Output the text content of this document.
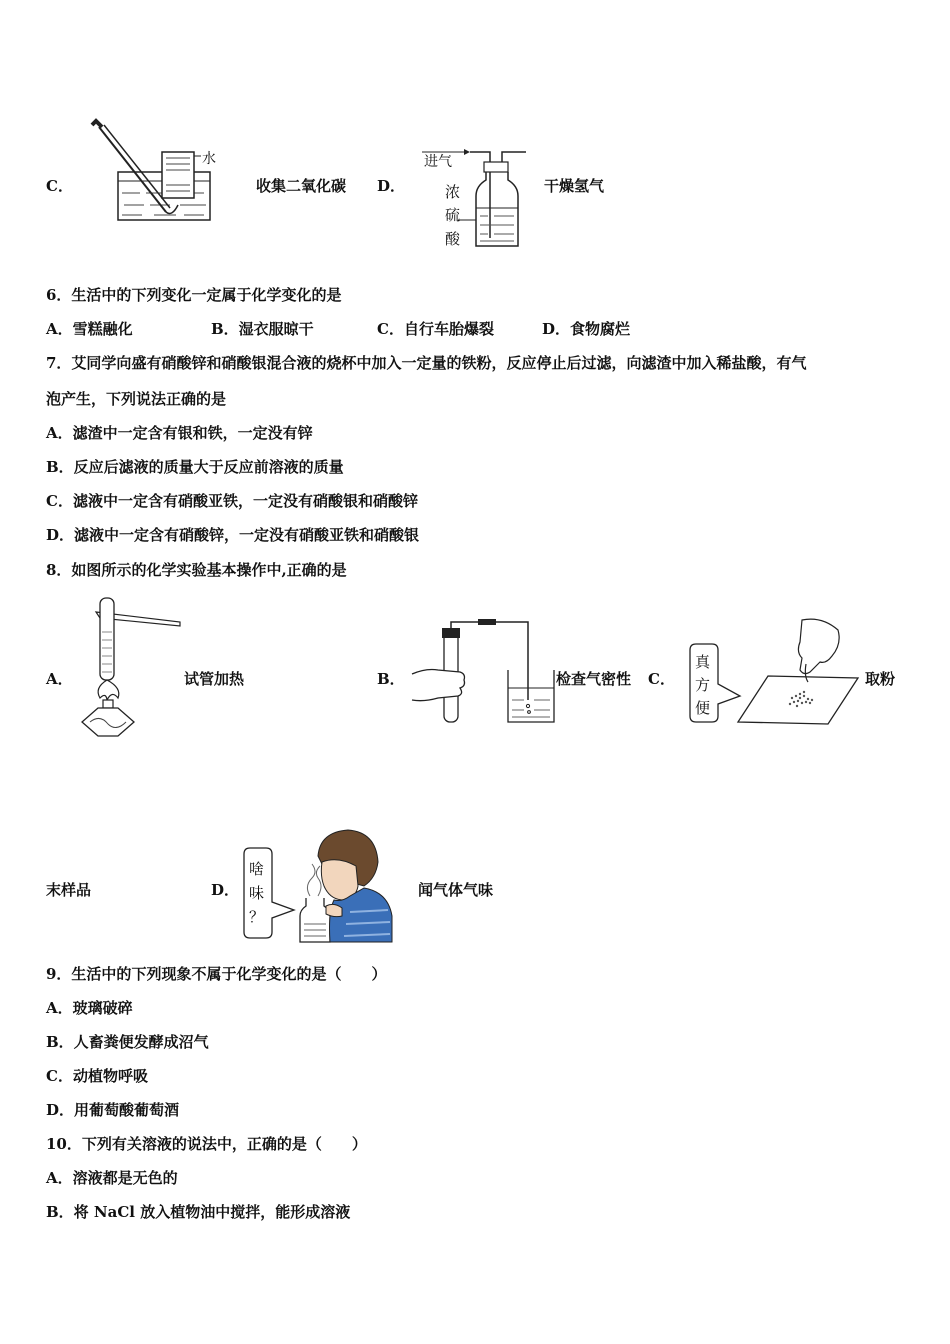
C．
水
收集二氧化碳 D．
进气
浓
硫
酸
干燥氢气
6．生活中的下列变化一定属于化学变化的是
A．雪糕融化	B．湿衣服晾干	C．自行车胎爆裂	D．食物腐烂
7．艾同学向盛有硝酸锌和硝酸银混合液的烧杯中加入一定量的铁粉，反应停止后过滤，向滤渣中加入稀盐酸，有气
泡产生，下列说法正确的是
A．滤渣中一定含有银和铁，一定没有锌
B．反应后滤液的质量大于反应前溶液的质量
C．滤液中一定含有硝酸亚铁，一定没有硝酸银和硝酸锌
D．滤液中一定含有硝酸锌，一定没有硝酸亚铁和硝酸银
8．如图所示的化学实验基本操作中,正确的是
A．	试管加热	B．	检查气密性 C．
真
方
便
取粉
末样品	D．
啥
味
？
闻气体气味
9．生活中的下列现象不属于化学变化的是（　　）
A．玻璃破碎
B．人畜粪便发酵成沼气
C．动植物呼吸
D．用葡萄酸葡萄酒
10．下列有关溶液的说法中，正确的是（　　）
A．溶液都是无色的
B．将 NaCl 放入植物油中搅拌，能形成溶液
